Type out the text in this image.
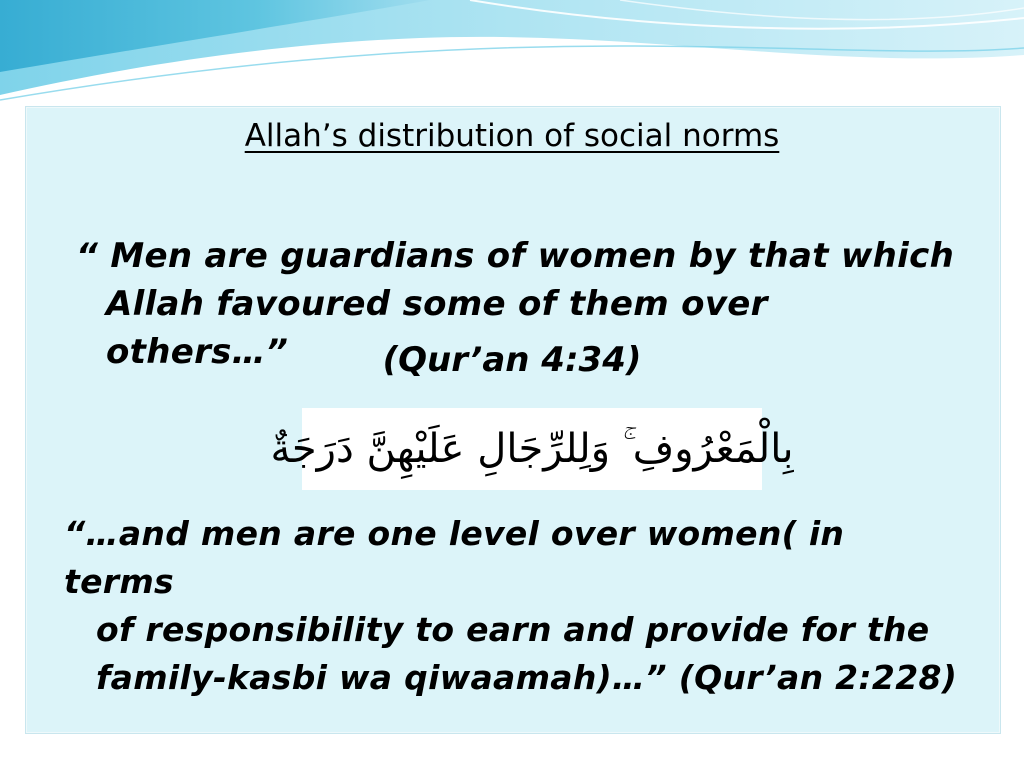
Allah’s distribution of social norms
“ Men are guardians of women by that which
Allah favoured some of them over others…”	(Qur’an 4:34)
بِالْمَعْرُوفِ ۚ وَلِلرِّجَالِ عَلَيْهِنَّ دَرَجَةٌ
“…and men are one level over women( in terms
of responsibility to earn and provide for the
family-kasbi wa qiwaamah)…” (Qur’an 2:228)
